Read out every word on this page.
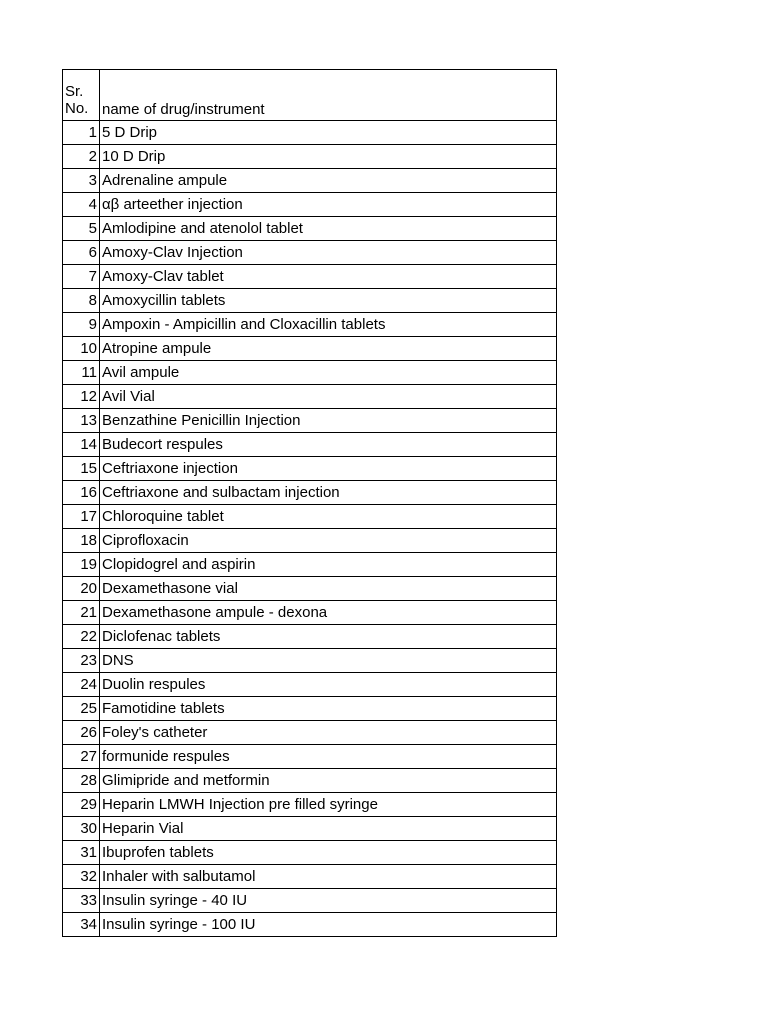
Sr.
No.	name of drug/instrument
1	5 D Drip
2	10 D Drip
3	Adrenaline ampule
4	αβ arteether injection
5	Amlodipine and atenolol tablet
6	Amoxy-Clav Injection
7	Amoxy-Clav tablet
8	Amoxycillin tablets
9	Ampoxin - Ampicillin and Cloxacillin tablets
10	Atropine ampule
11	Avil ampule
12	Avil Vial
13	Benzathine Penicillin Injection
14	Budecort respules
15	Ceftriaxone injection
16	Ceftriaxone and sulbactam injection
17	Chloroquine tablet
18	Ciprofloxacin
19	Clopidogrel and aspirin
20	Dexamethasone vial
21	Dexamethasone ampule - dexona
22	Diclofenac tablets
23	DNS
24	Duolin respules
25	Famotidine tablets
26	Foley's catheter
27	formunide respules
28	Glimipride and metformin
29	Heparin LMWH Injection pre filled syringe
30	Heparin Vial
31	Ibuprofen tablets
32	Inhaler with salbutamol
33	Insulin syringe - 40 IU
34	Insulin syringe - 100 IU
